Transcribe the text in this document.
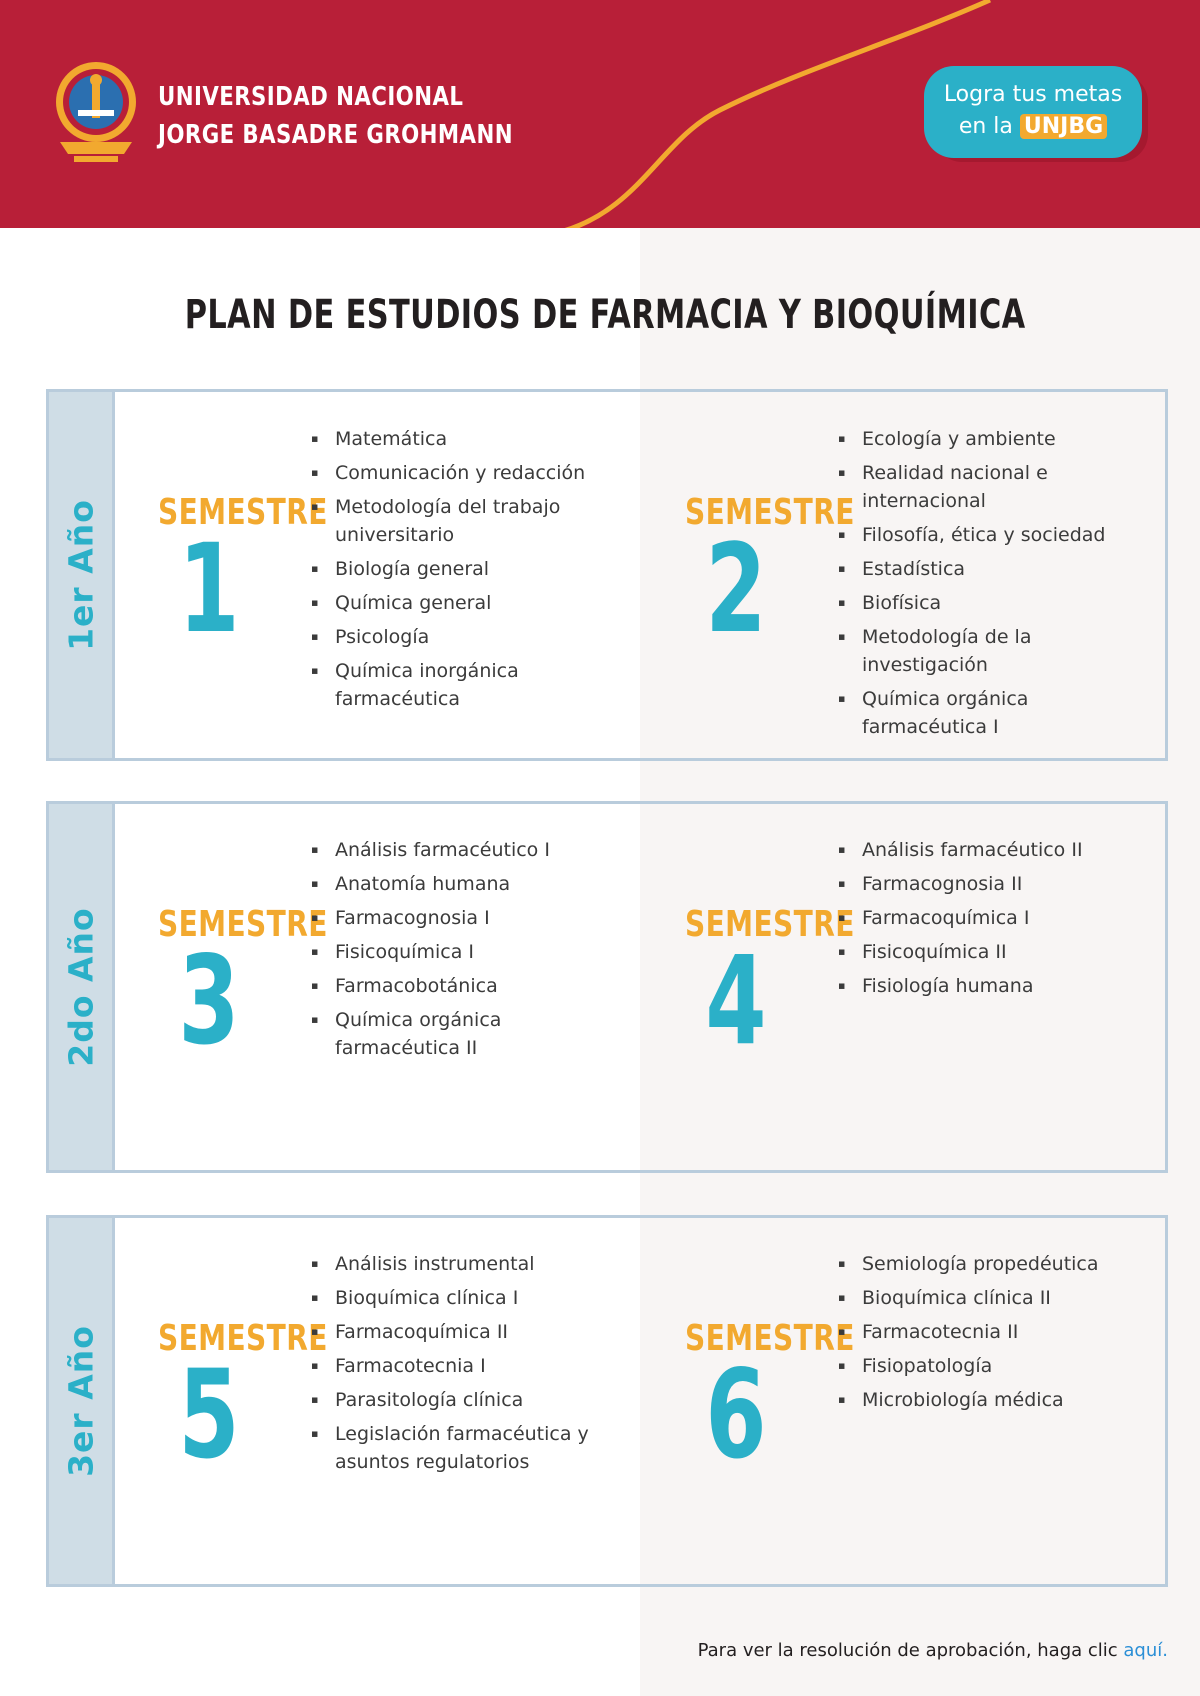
UNIVERSIDAD NACIONAL
JORGE BASADRE GROHMANN
Logra tus metas
en la UNJBG
PLAN DE ESTUDIOS DE FARMACIA Y BIOQUÍMICA
1er Año	SEMESTRE
1
▪ Matemática
▪ Comunicación y redacción
▪ Metodología del trabajo universitario
▪ Biología general
▪ Química general
▪ Psicología
▪ Química inorgánica farmacéutica
SEMESTRE
2
▪ Ecología y ambiente
▪ Realidad nacional e internacional
▪ Filosofía, ética y sociedad
▪ Estadística
▪ Biofísica
▪ Metodología de la investigación
▪ Química orgánica farmacéutica I
2do Año	SEMESTRE
3
▪ Análisis farmacéutico I
▪ Anatomía humana
▪ Farmacognosia I
▪ Fisicoquímica I
▪ Farmacobotánica
▪ Química orgánica farmacéutica II
SEMESTRE
4
▪ Análisis farmacéutico II
▪ Farmacognosia II
▪ Farmacoquímica I
▪ Fisicoquímica II
▪ Fisiología humana
3er Año	SEMESTRE
5
▪ Análisis instrumental
▪ Bioquímica clínica I
▪ Farmacoquímica II
▪ Farmacotecnia I
▪ Parasitología clínica
▪ Legislación farmacéutica y asuntos regulatorios
SEMESTRE
6
▪ Semiología propedéutica
▪ Bioquímica clínica II
▪ Farmacotecnia II
▪ Fisiopatología
▪ Microbiología médica
Para ver la resolución de aprobación, haga clic aquí.
